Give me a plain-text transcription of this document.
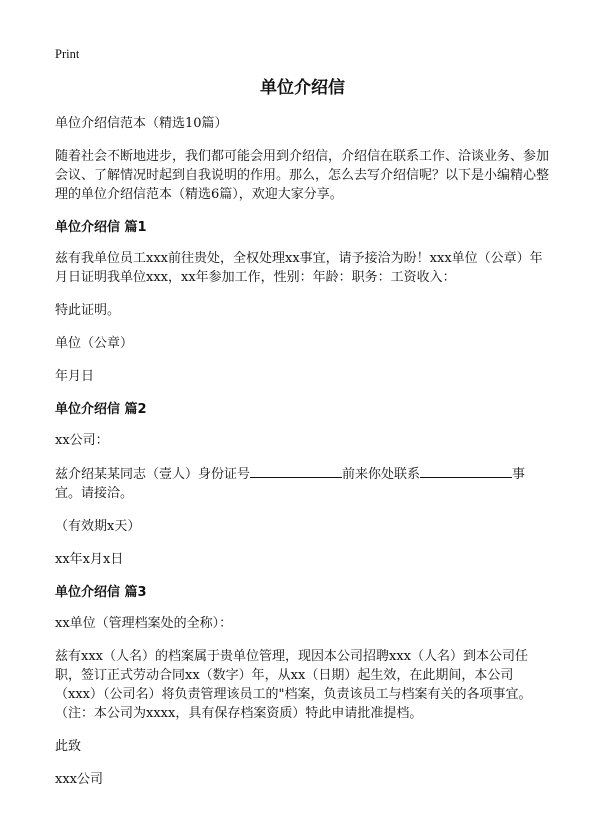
Print
单位介绍信

单位介绍信范本（精选10篇）

随着社会不断地进步，我们都可能会用到介绍信，介绍信在联系工作、洽谈业务、参加会议、了解情况时起到自我说明的作用。那么，怎么去写介绍信呢？以下是小编精心整理的单位介绍信范本（精选6篇），欢迎大家分享。

单位介绍信 篇1

兹有我单位员工xxx前往贵处，全权处理xx事宜，请予接洽为盼！xxx单位（公章）年月日证明我单位xxx，xx年参加工作，性别：年龄：职务：工资收入：

特此证明。

单位（公章）

年月日

单位介绍信 篇2

xx公司：

兹介绍某某同志（壹人）身份证号	前来你处联系	事宜。请接洽。

（有效期x天）

xx年x月x日

单位介绍信 篇3

xx单位（管理档案处的全称）：

兹有xxx（人名）的档案属于贵单位管理，现因本公司招聘xxx（人名）到本公司任职，签订正式劳动合同xx（数字）年，从xx（日期）起生效，在此期间，本公司（xxx）（公司名）将负责管理该员工的"档案，负责该员工与档案有关的各项事宜。（注：本公司为xxxx，具有保存档案资质）特此申请批准提档。

此致

xxx公司
